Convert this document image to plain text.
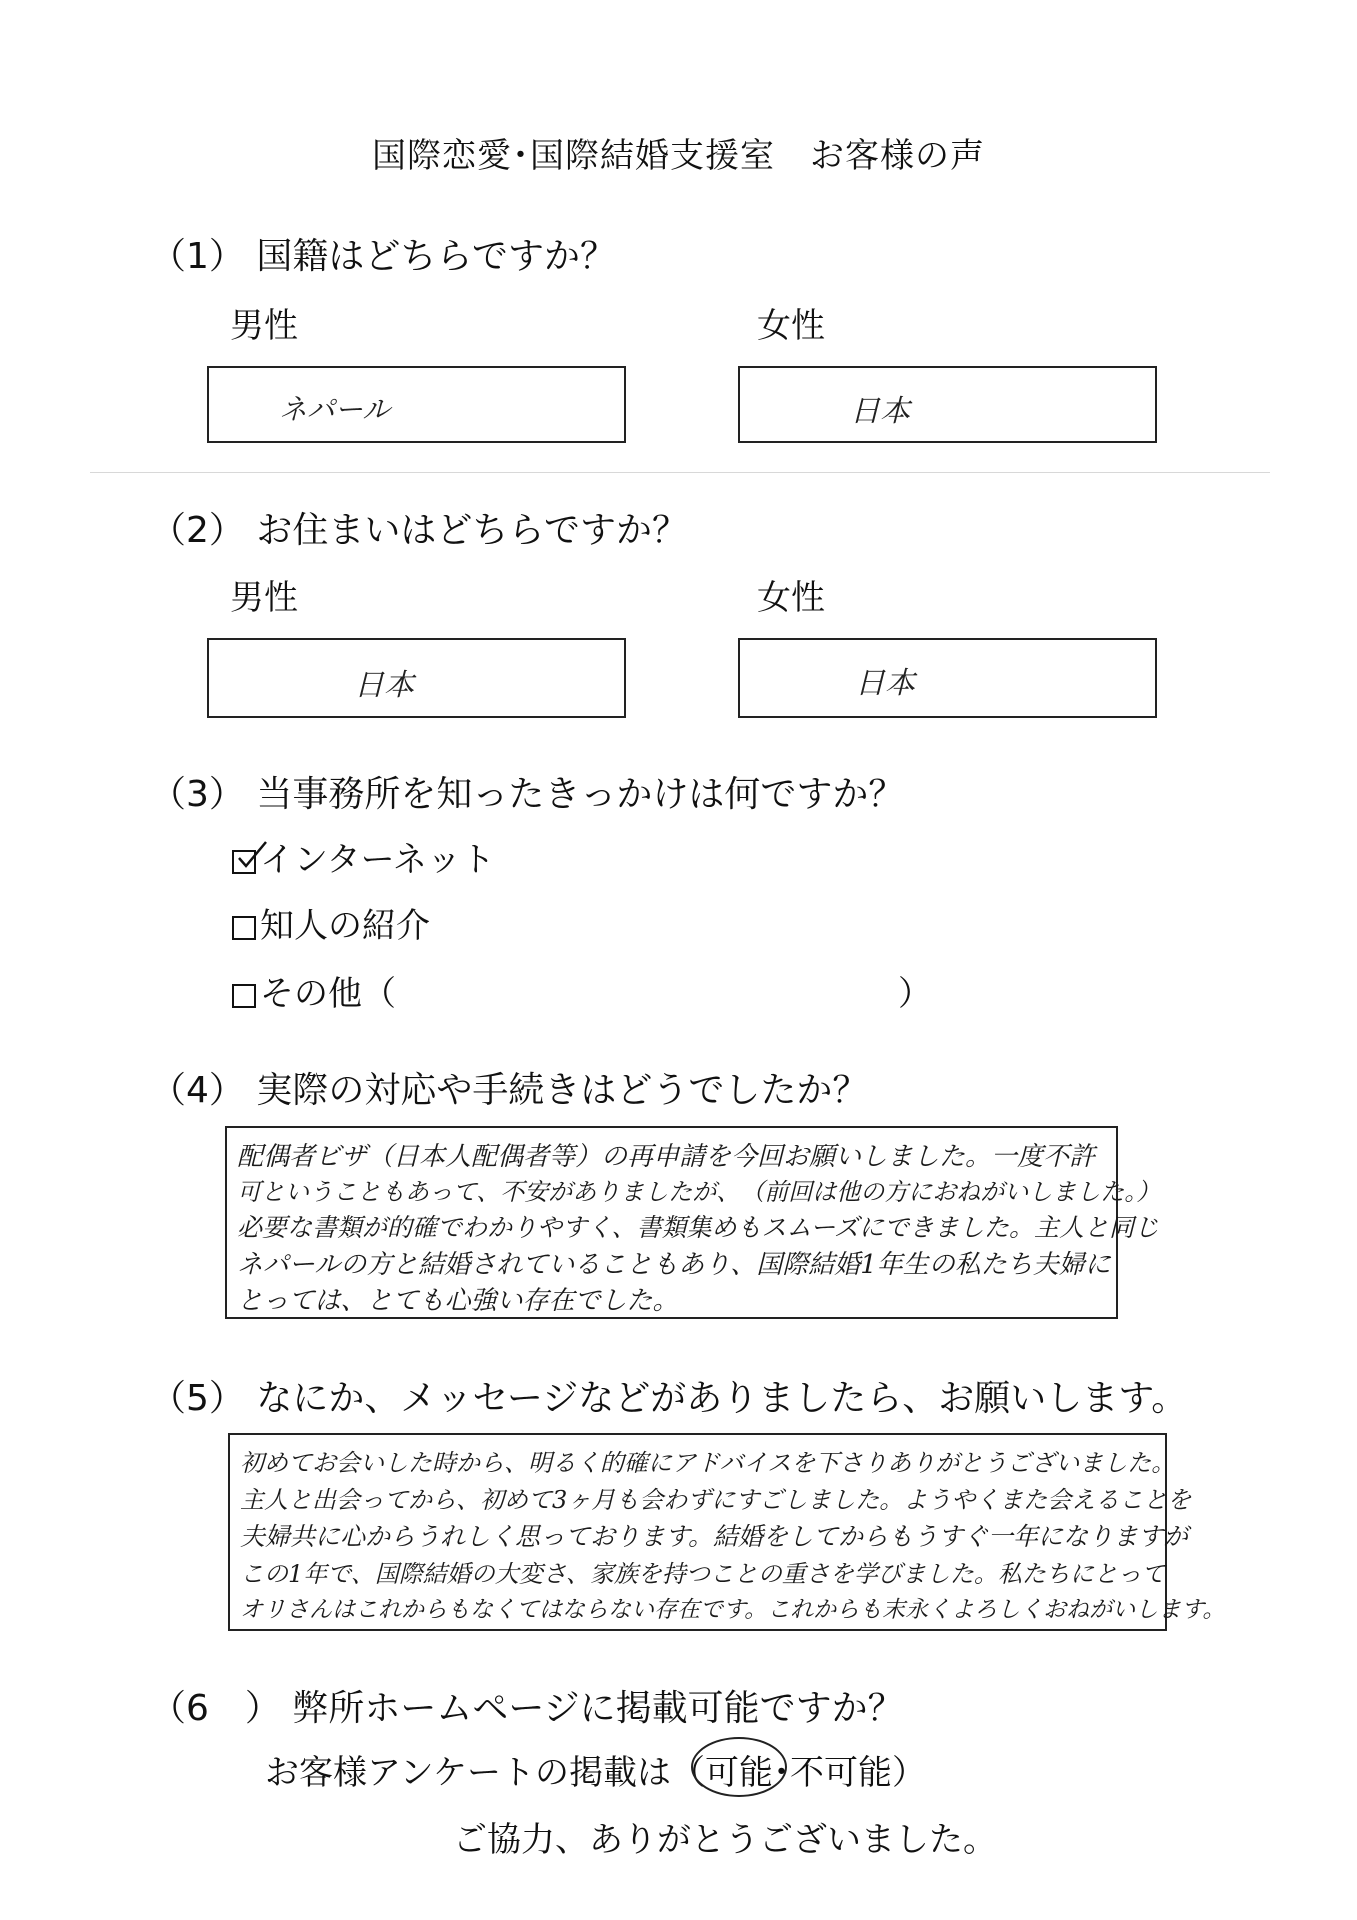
国際恋愛･国際結婚支援室　お客様の声
（1） 国籍はどちらですか？
男性	女性
ネパール	日本
（2） お住まいはどちらですか？
男性	女性
日本	日本
（3） 当事務所を知ったきっかけは何ですか？
インターネット
知人の紹介
その他（	）
（4） 実際の対応や手続きはどうでしたか？
配偶者ビザ（日本人配偶者等）の再申請を今回お願いしました。一度不許
可ということもあって、不安がありましたが、　（前回は他の方におねがいしました。）
必要な書類が的確でわかりやすく、書類集めもスムーズにできました。主人と同じ
ネパールの方と結婚されていることもあり、国際結婚1年生の私たち夫婦に
とっては、とても心強い存在でした。
（5） なにか、メッセージなどがありましたら、お願いします。
初めてお会いした時から、明るく的確にアドバイスを下さりありがとうございました。
主人と出会ってから、初めて3ヶ月も会わずにすごしました。ようやくまた会えることを
夫婦共に心からうれしく思っております。結婚をしてからもうすぐ一年になりますが
この1年で、国際結婚の大変さ、家族を持つことの重さを学びました。私たちにとって
オリさんはこれからもなくてはならない存在です。これからも末永くよろしくおねがいします。
（6　） 弊所ホームページに掲載可能ですか？
お客様アンケートの掲載は（可能
･不可能）
ご協力、ありがとうございました。
